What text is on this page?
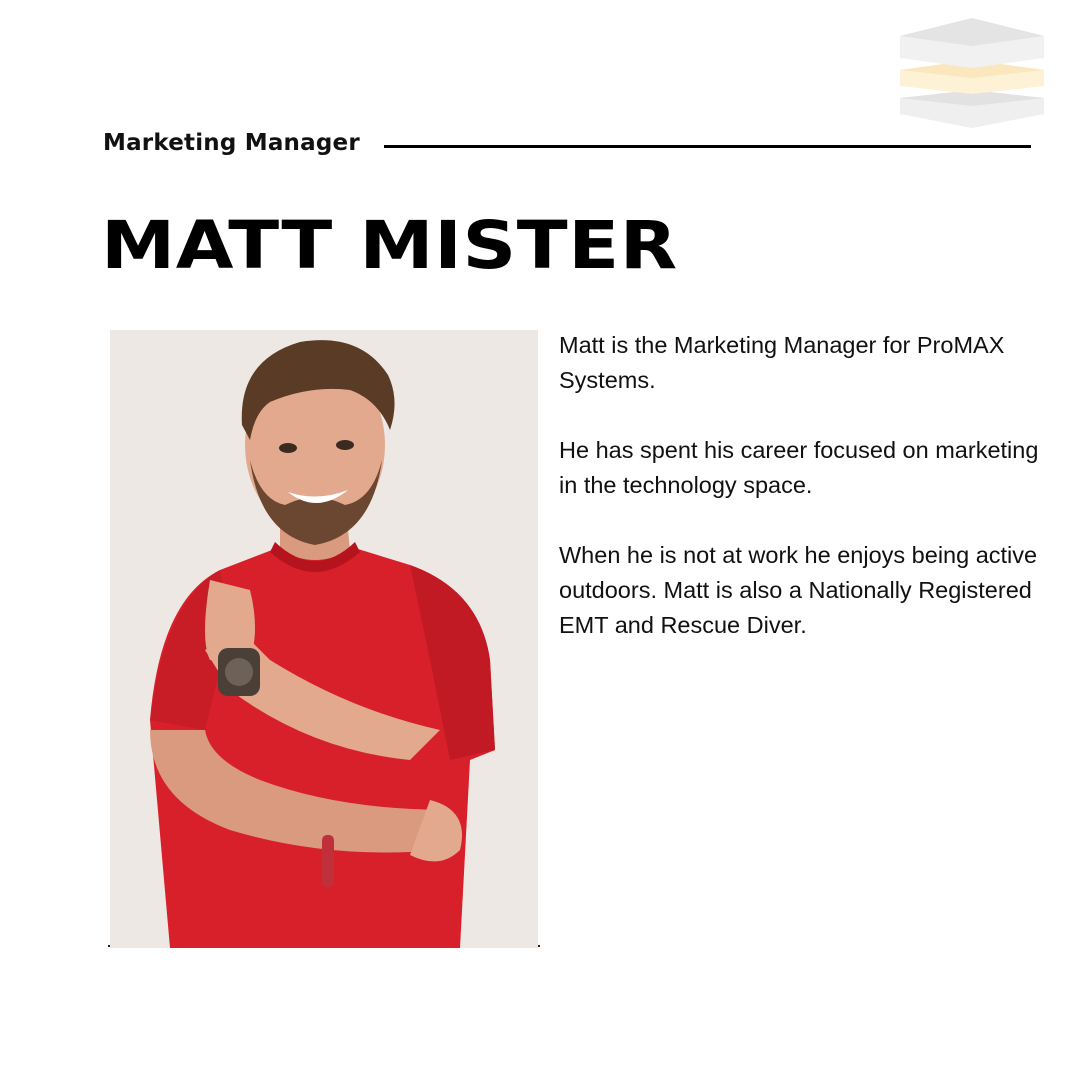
Marketing Manager
MATT MISTER

Matt is the Marketing Manager for ProMAX Systems.

He has spent his career focused on marketing in the technology space.

When he is not at work he enjoys being active outdoors. Matt is also a Nationally Registered EMT and Rescue Diver.
